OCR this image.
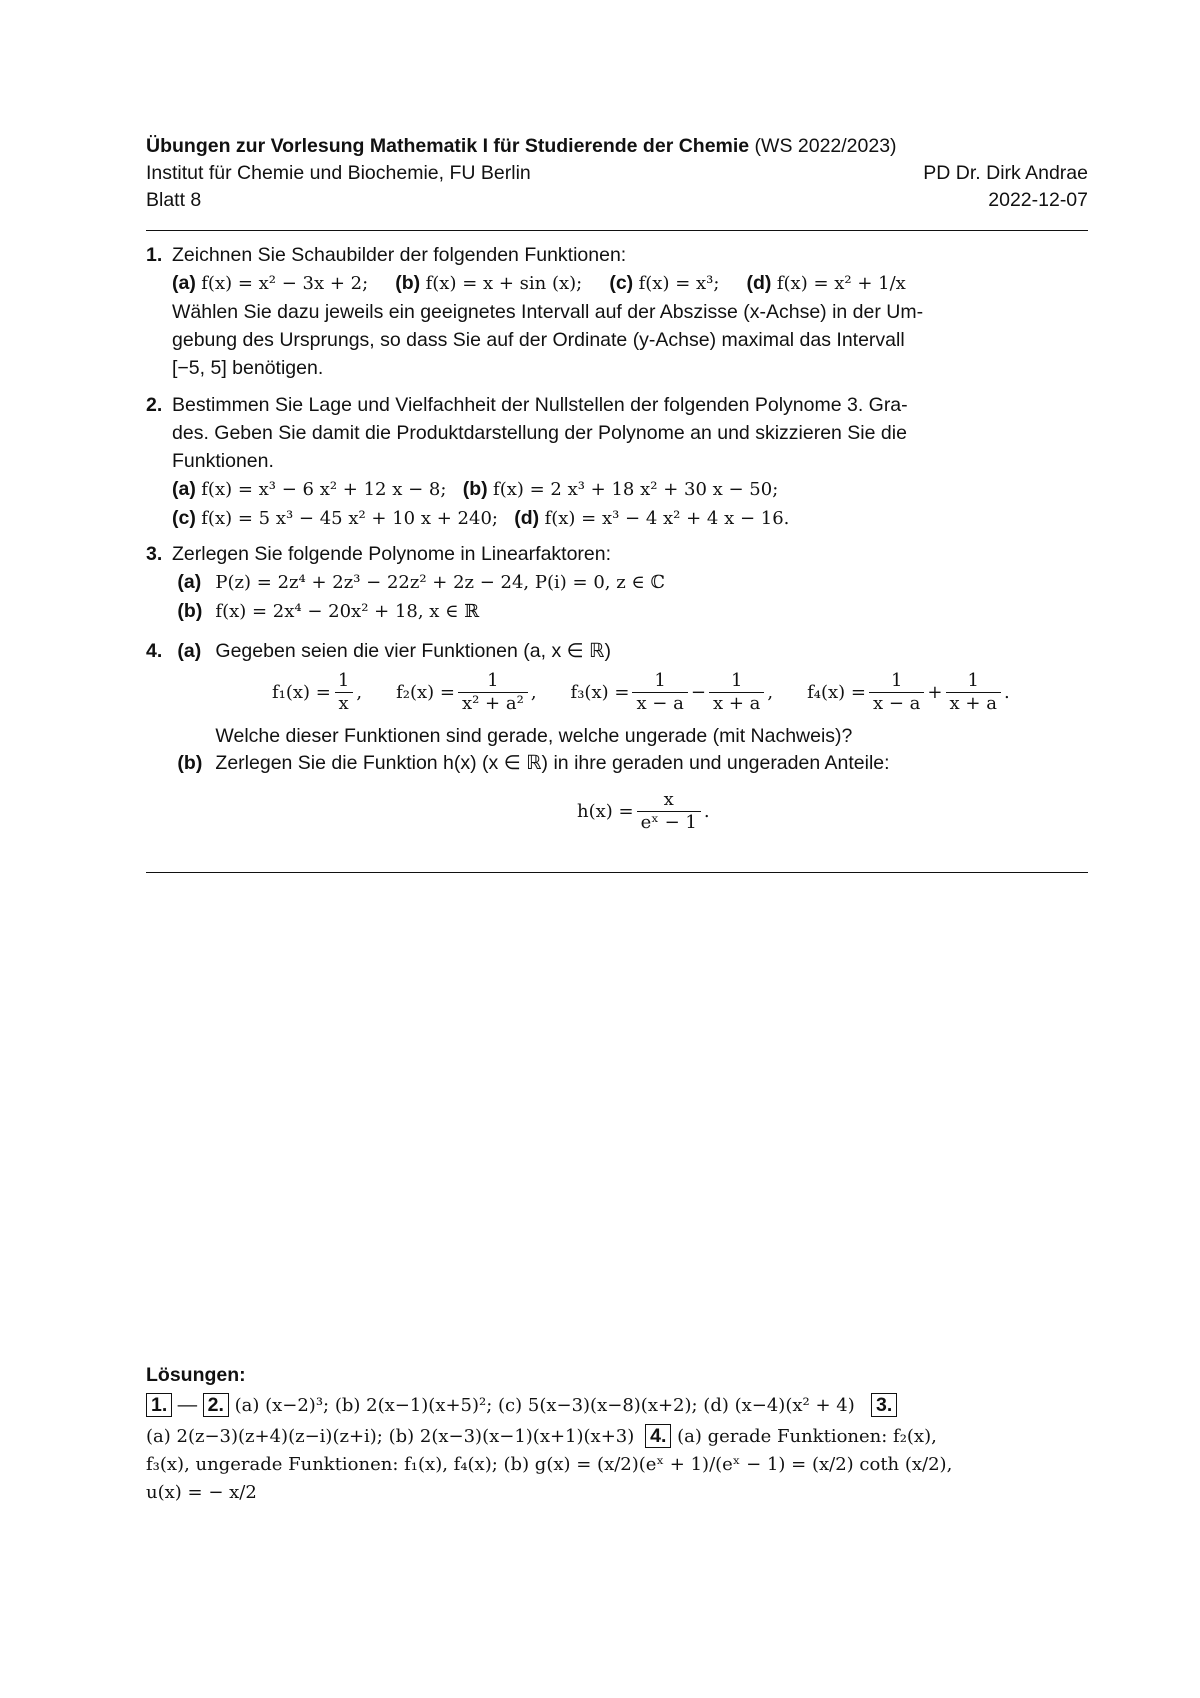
Übungen zur Vorlesung Mathematik I für Studierende der Chemie (WS 2022/2023)
Institut für Chemie und Biochemie, FU Berlin	PD Dr. Dirk Andrae
Blatt 8	2022-12-07
1. Zeichnen Sie Schaubilder der folgenden Funktionen:
(a) f(x) = x² − 3x + 2; (b) f(x) = x + sin (x); (c) f(x) = x³; (d) f(x) = x² + 1/x
Wählen Sie dazu jeweils ein geeignetes Intervall auf der Abszisse (x-Achse) in der Um-
gebung des Ursprungs, so dass Sie auf der Ordinate (y-Achse) maximal das Intervall
[−5, 5] benötigen.
2. Bestimmen Sie Lage und Vielfachheit der Nullstellen der folgenden Polynome 3. Gra-
des. Geben Sie damit die Produktdarstellung der Polynome an und skizzieren Sie die
Funktionen.
(a) f(x) = x³ − 6 x² + 12 x − 8; (b) f(x) = 2 x³ + 18 x² + 30 x − 50;
(c) f(x) = 5 x³ − 45 x² + 10 x + 240; (d) f(x) = x³ − 4 x² + 4 x − 16.
3. Zerlegen Sie folgende Polynome in Linearfaktoren:
(a) P(z) = 2z⁴ + 2z³ − 22z² + 2z − 24, P(i) = 0, z ∈ ℂ
(b) f(x) = 2x⁴ − 20x² + 18, x ∈ ℝ
4. (a) Gegeben seien die vier Funktionen (a, x ∈ ℝ)
$f_1(x) = \frac{1}{x}$ , $f_2(x) = \frac{1}{\text{x² + a²}}$ , $f_3(x) = \frac{1}{x - a} - \frac{1}{x + a}$ , $f_4(x) = \frac{1}{x - a} + \frac{1}{x + a}$ .
Welche dieser Funktionen sind gerade, welche ungerade (mit Nachweis)?
(b) Zerlegen Sie die Funktion h(x) (x ∈ ℝ) in ihre geraden und ungeraden Anteile:
$h(x) = \frac{x}{\text{eˣ − 1}}$ .
Lösungen:
1. — 2. (a) (x−2)³; (b) 2(x−1)(x+5)²; (c) 5(x−3)(x−8)(x+2); (d) (x−4)(x² + 4) 3.
(a) 2(z−3)(z+4)(z−i)(z+i); (b) 2(x−3)(x−1)(x+1)(x+3) 4. (a) gerade Funktionen: f₂(x),
f₃(x), ungerade Funktionen: f₁(x), f₄(x); (b) g(x) = (x/2)(eˣ + 1)/(eˣ − 1) = (x/2) coth (x/2),
u(x) = − x/2
